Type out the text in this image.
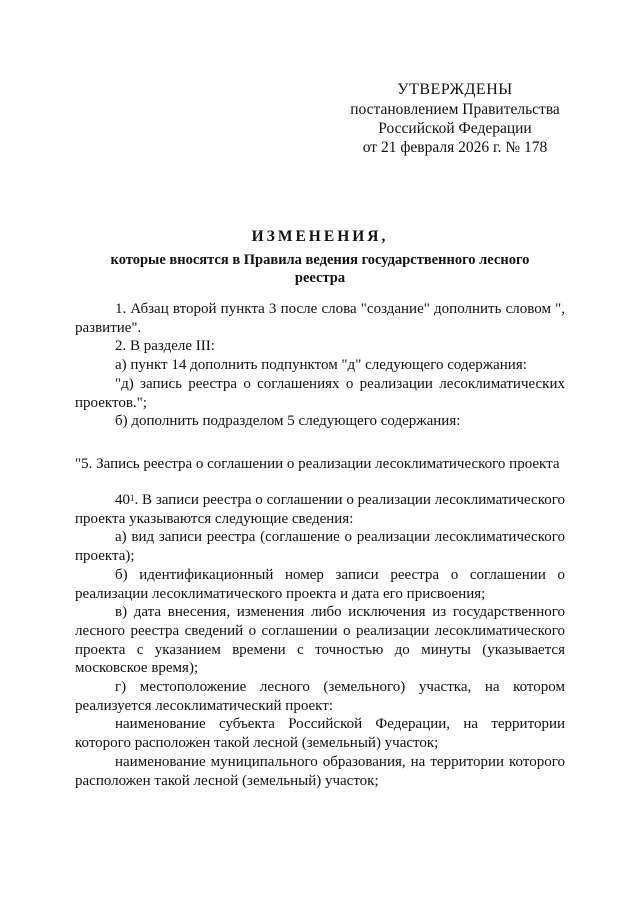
УТВЕРЖДЕНЫ
постановлением Правительства
Российской Федерации
от 21 февраля 2026 г. № 178
ИЗМЕНЕНИЯ,
которые вносятся в Правила ведения государственного лесного реестра

1. Абзац второй пункта 3 после слова "создание" дополнить словом ", развитие".

2. В разделе III:

а) пункт 14 дополнить подпунктом "д" следующего содержания:

"д) запись реестра о соглашениях о реализации лесоклиматических проектов.";

б) дополнить подразделом 5 следующего содержания:

"5. Запись реестра о соглашении о реализации лесоклиматического проекта

$40^1$. В записи реестра о соглашении о реализации лесоклиматического проекта указываются следующие сведения:

а) вид записи реестра (соглашение о реализации лесоклиматического проекта);

б) идентификационный номер записи реестра о соглашении о реализации лесоклиматического проекта и дата его присвоения;

в) дата внесения, изменения либо исключения из государственного лесного реестра сведений о соглашении о реализации лесоклиматического проекта с указанием времени с точностью до минуты (указывается московское время);

г) местоположение лесного (земельного) участка, на котором реализуется лесоклиматический проект:

наименование субъекта Российской Федерации, на территории которого расположен такой лесной (земельный) участок;

наименование муниципального образования, на территории которого расположен такой лесной (земельный) участок;
